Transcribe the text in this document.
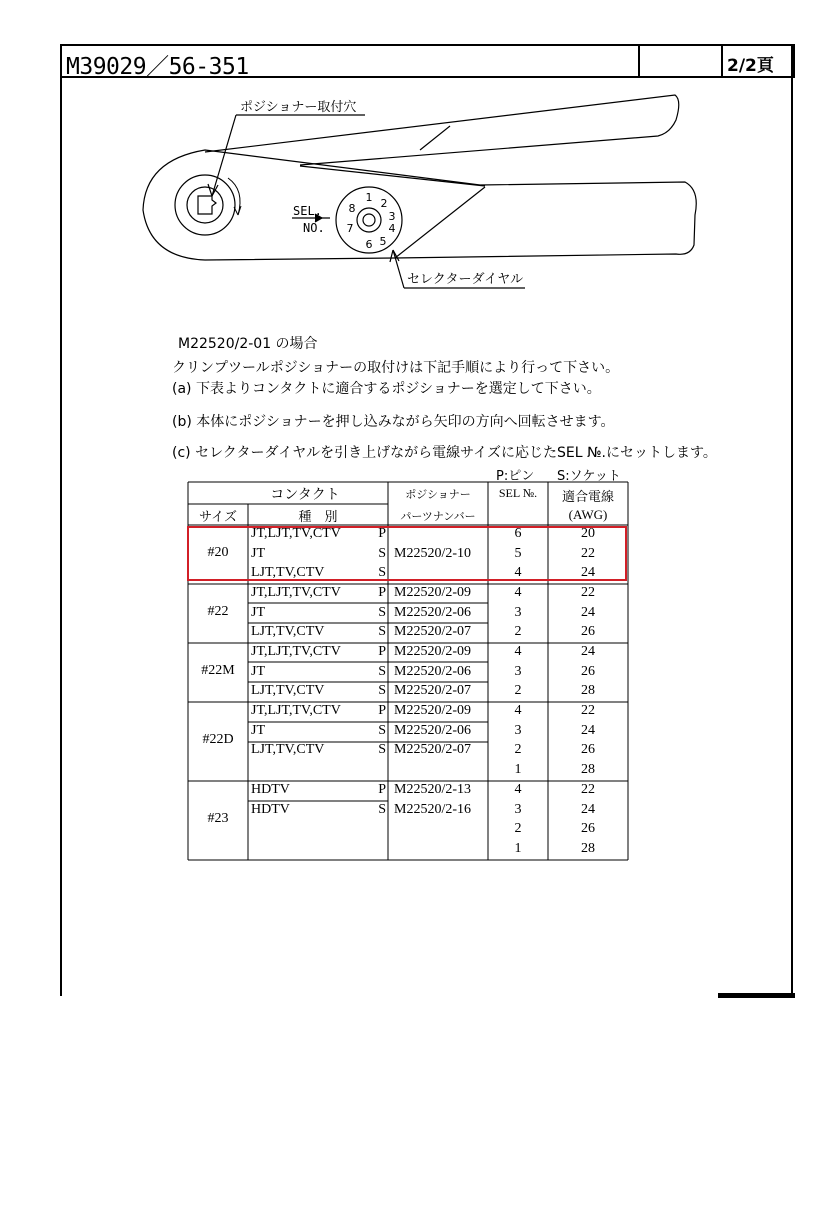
M39029／56-351	2/2頁
ポジショナー取付穴
SEL.
NO.
セレクターダイヤル
1 2
3
4
5
6
7
8
M22520/2-01 の場合
クリンプツールポジショナーの取付けは下記手順により行って下さい。
(a) 下表よりコンタクトに適合するポジショナーを選定して下さい。
(b) 本体にポジショナーを押し込みながら矢印の方向へ回転させます。
(c) セレクターダイヤルを引き上げながら電線サイズに応じたSEL №.にセットします。
P:ピン S:ソケット
コンタクト
サイズ	種　別
ポジショナー
パーツナンバー
SEL №.	適合電線
(AWG)
#20
JT,LJT,TV,CTV	P	6	20
JT	S M22520/2-10	5	22
LJT,TV,CTV	S	4	24
#22
JT,LJT,TV,CTV	P M22520/2-09	4	22
JT	S M22520/2-06	3	24
LJT,TV,CTV	S M22520/2-07	2	26
#22M
JT,LJT,TV,CTV	P M22520/2-09	4	24
JT	S M22520/2-06	3	26
LJT,TV,CTV	S M22520/2-07	2	28
#22D
JT,LJT,TV,CTV	P M22520/2-09	4	22
JT	S M22520/2-06	3	24
LJT,TV,CTV	S M22520/2-07	2	26
1	28
#23
HDTV	P M22520/2-13	4	22
HDTV	S M22520/2-16	3	24
2	26
1	28
